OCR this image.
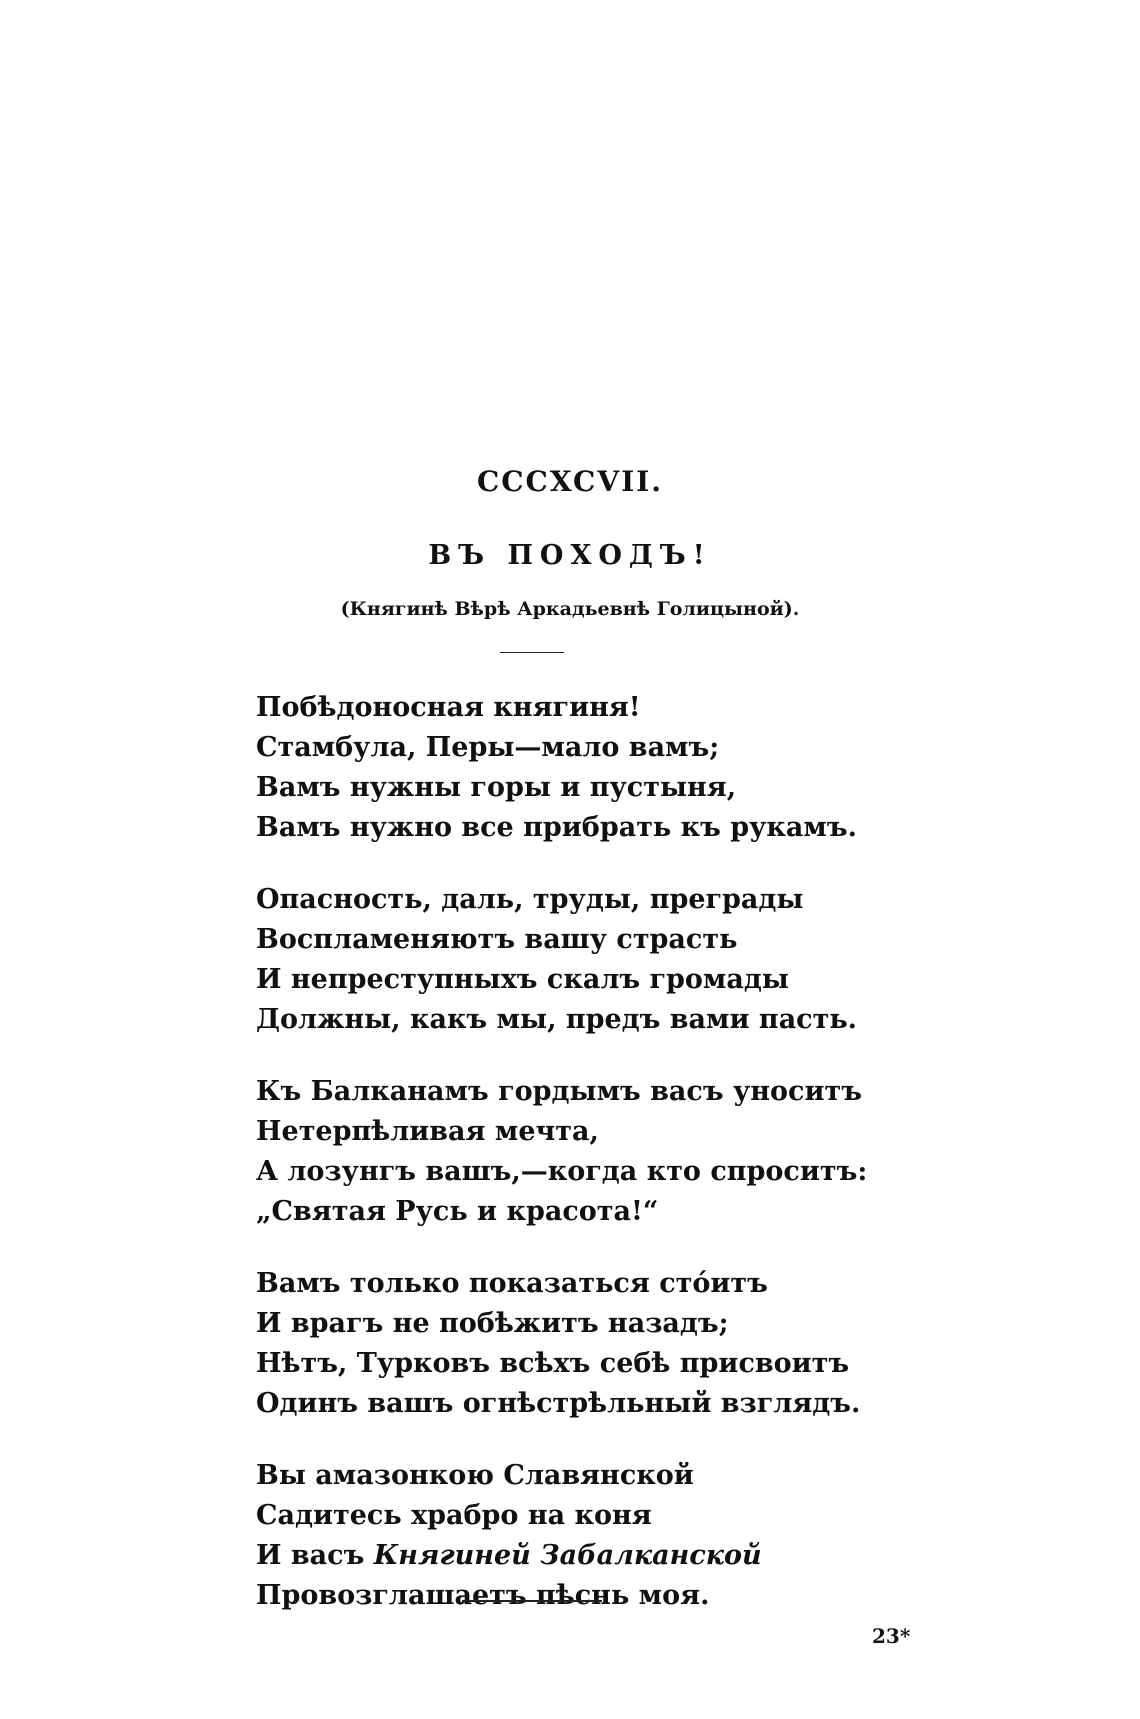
CCCXCVII.
ВЪ ПОХОДЪ!
(Княгинѣ Вѣрѣ Аркадьевнѣ Голицыной).
Побѣдоносная княгиня!
Стамбула, Перы—мало вамъ;
Вамъ нужны горы и пустыня,
Вамъ нужно все прибрать къ рукамъ.
Опасность, даль, труды, преграды
Воспламеняютъ вашу страсть
И непреступныхъ скалъ громады
Должны, какъ мы, предъ вами пасть.
Къ Балканамъ гордымъ васъ уноситъ
Нетерпѣливая мечта,
А лозунгъ вашъ,—когда кто спроситъ:
„Святая Русь и красота!“
Вамъ только показаться стóитъ
И врагъ не побѣжитъ назадъ;
Нѣтъ, Турковъ всѣхъ себѣ присвоитъ
Одинъ вашъ огнѣстрѣльный взглядъ.
Вы амазонкою Славянской
Садитесь храбро на коня
И васъ Княгиней Забалканской
Провозглашаетъ пѣснь моя.
23*
